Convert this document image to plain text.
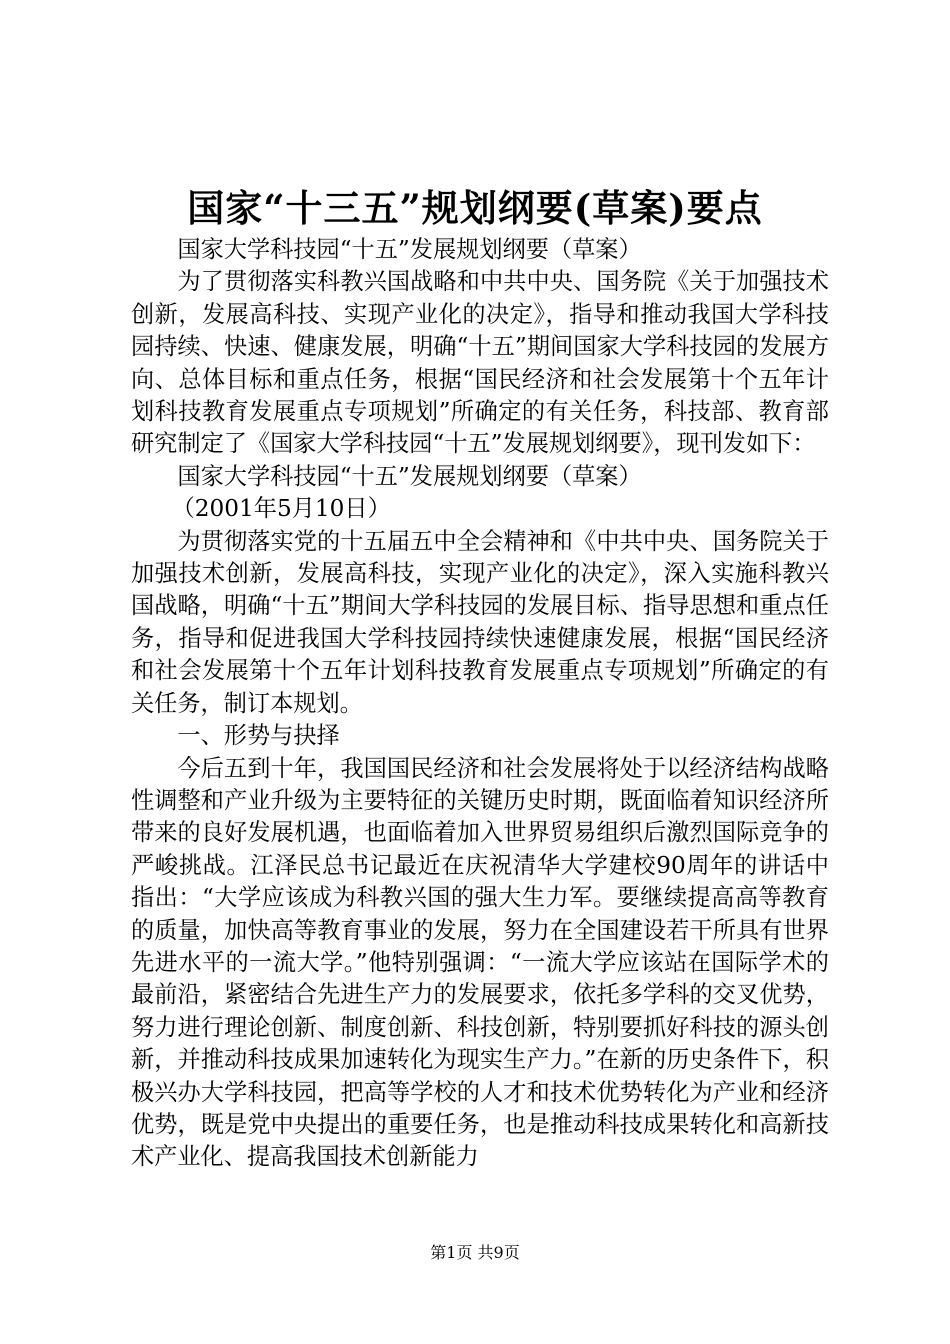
国家“十三五”规划纲要(草案)要点

国家大学科技园“十五”发展规划纲要（草案）

为了贯彻落实科教兴国战略和中共中央、国务院《关于加强技术创新，发展高科技、实现产业化的决定》，指导和推动我国大学科技园持续、快速、健康发展，明确“十五”期间国家大学科技园的发展方向、总体目标和重点任务，根据“国民经济和社会发展第十个五年计划科技教育发展重点专项规划”所确定的有关任务，科技部、教育部研究制定了《国家大学科技园“十五”发展规划纲要》，现刊发如下：

国家大学科技园“十五”发展规划纲要（草案）

（2001年5月10日）

为贯彻落实党的十五届五中全会精神和《中共中央、国务院关于加强技术创新，发展高科技，实现产业化的决定》，深入实施科教兴国战略，明确“十五”期间大学科技园的发展目标、指导思想和重点任务，指导和促进我国大学科技园持续快速健康发展，根据“国民经济和社会发展第十个五年计划科技教育发展重点专项规划”所确定的有关任务，制订本规划。

一、形势与抉择

今后五到十年，我国国民经济和社会发展将处于以经济结构战略性调整和产业升级为主要特征的关键历史时期，既面临着知识经济所带来的良好发展机遇，也面临着加入世界贸易组织后激烈国际竞争的严峻挑战。江泽民总书记最近在庆祝清华大学建校90周年的讲话中指出：“大学应该成为科教兴国的强大生力军。要继续提高高等教育的质量，加快高等教育事业的发展，努力在全国建设若干所具有世界先进水平的一流大学。”他特别强调：“一流大学应该站在国际学术的最前沿，紧密结合先进生产力的发展要求，依托多学科的交叉优势，努力进行理论创新、制度创新、科技创新，特别要抓好科技的源头创新，并推动科技成果加速转化为现实生产力。”在新的历史条件下，积极兴办大学科技园，把高等学校的人才和技术优势转化为产业和经济优势，既是党中央提出的重要任务，也是推动科技成果转化和高新技术产业化、提高我国技术创新能力

第1页 共9页
